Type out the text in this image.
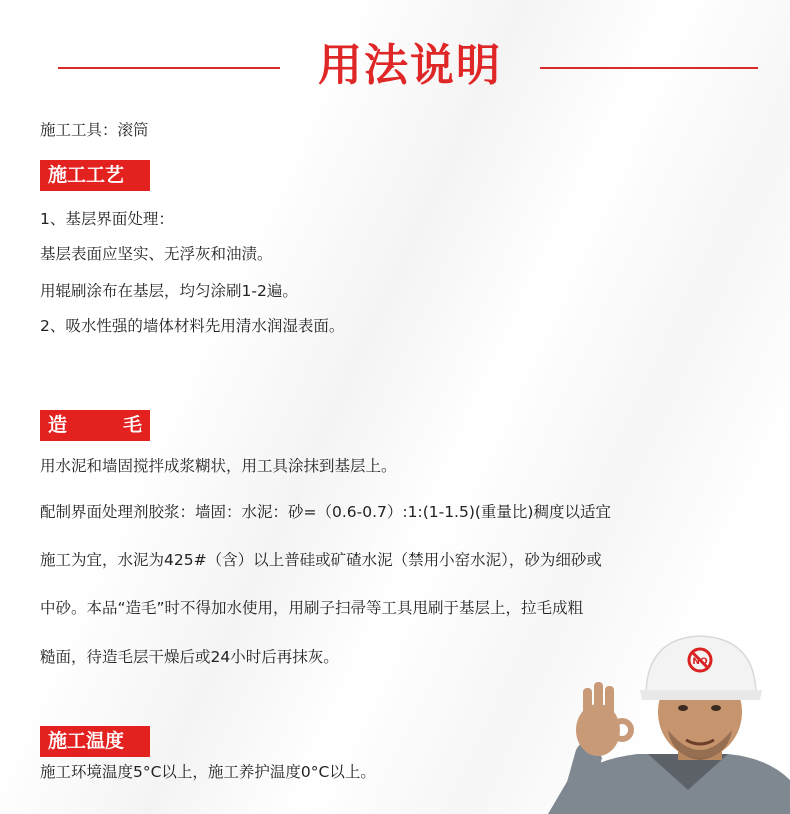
用法说明
施工工具：滚筒
施工工艺
1、基层界面处理：
基层表面应坚实、无浮灰和油渍。
用辊刷涂布在基层，均匀涂刷1-2遍。
2、吸水性强的墙体材料先用清水润湿表面。
造	毛
用水泥和墙固搅拌成浆糊状，用工具涂抹到基层上。
配制界面处理剂胶浆：墙固：水泥：砂=（0.6-0.7）:1:(1-1.5)(重量比)稠度以适宜
施工为宜，水泥为425#（含）以上普硅或矿碴水泥（禁用小窑水泥），砂为细砂或
中砂。本品“造毛”时不得加水使用，用刷子扫帚等工具甩刷于基层上，拉毛成粗
糙面，待造毛层干燥后或24小时后再抹灰。
施工温度
施工环境温度5°C以上，施工养护温度0°C以上。
NO
